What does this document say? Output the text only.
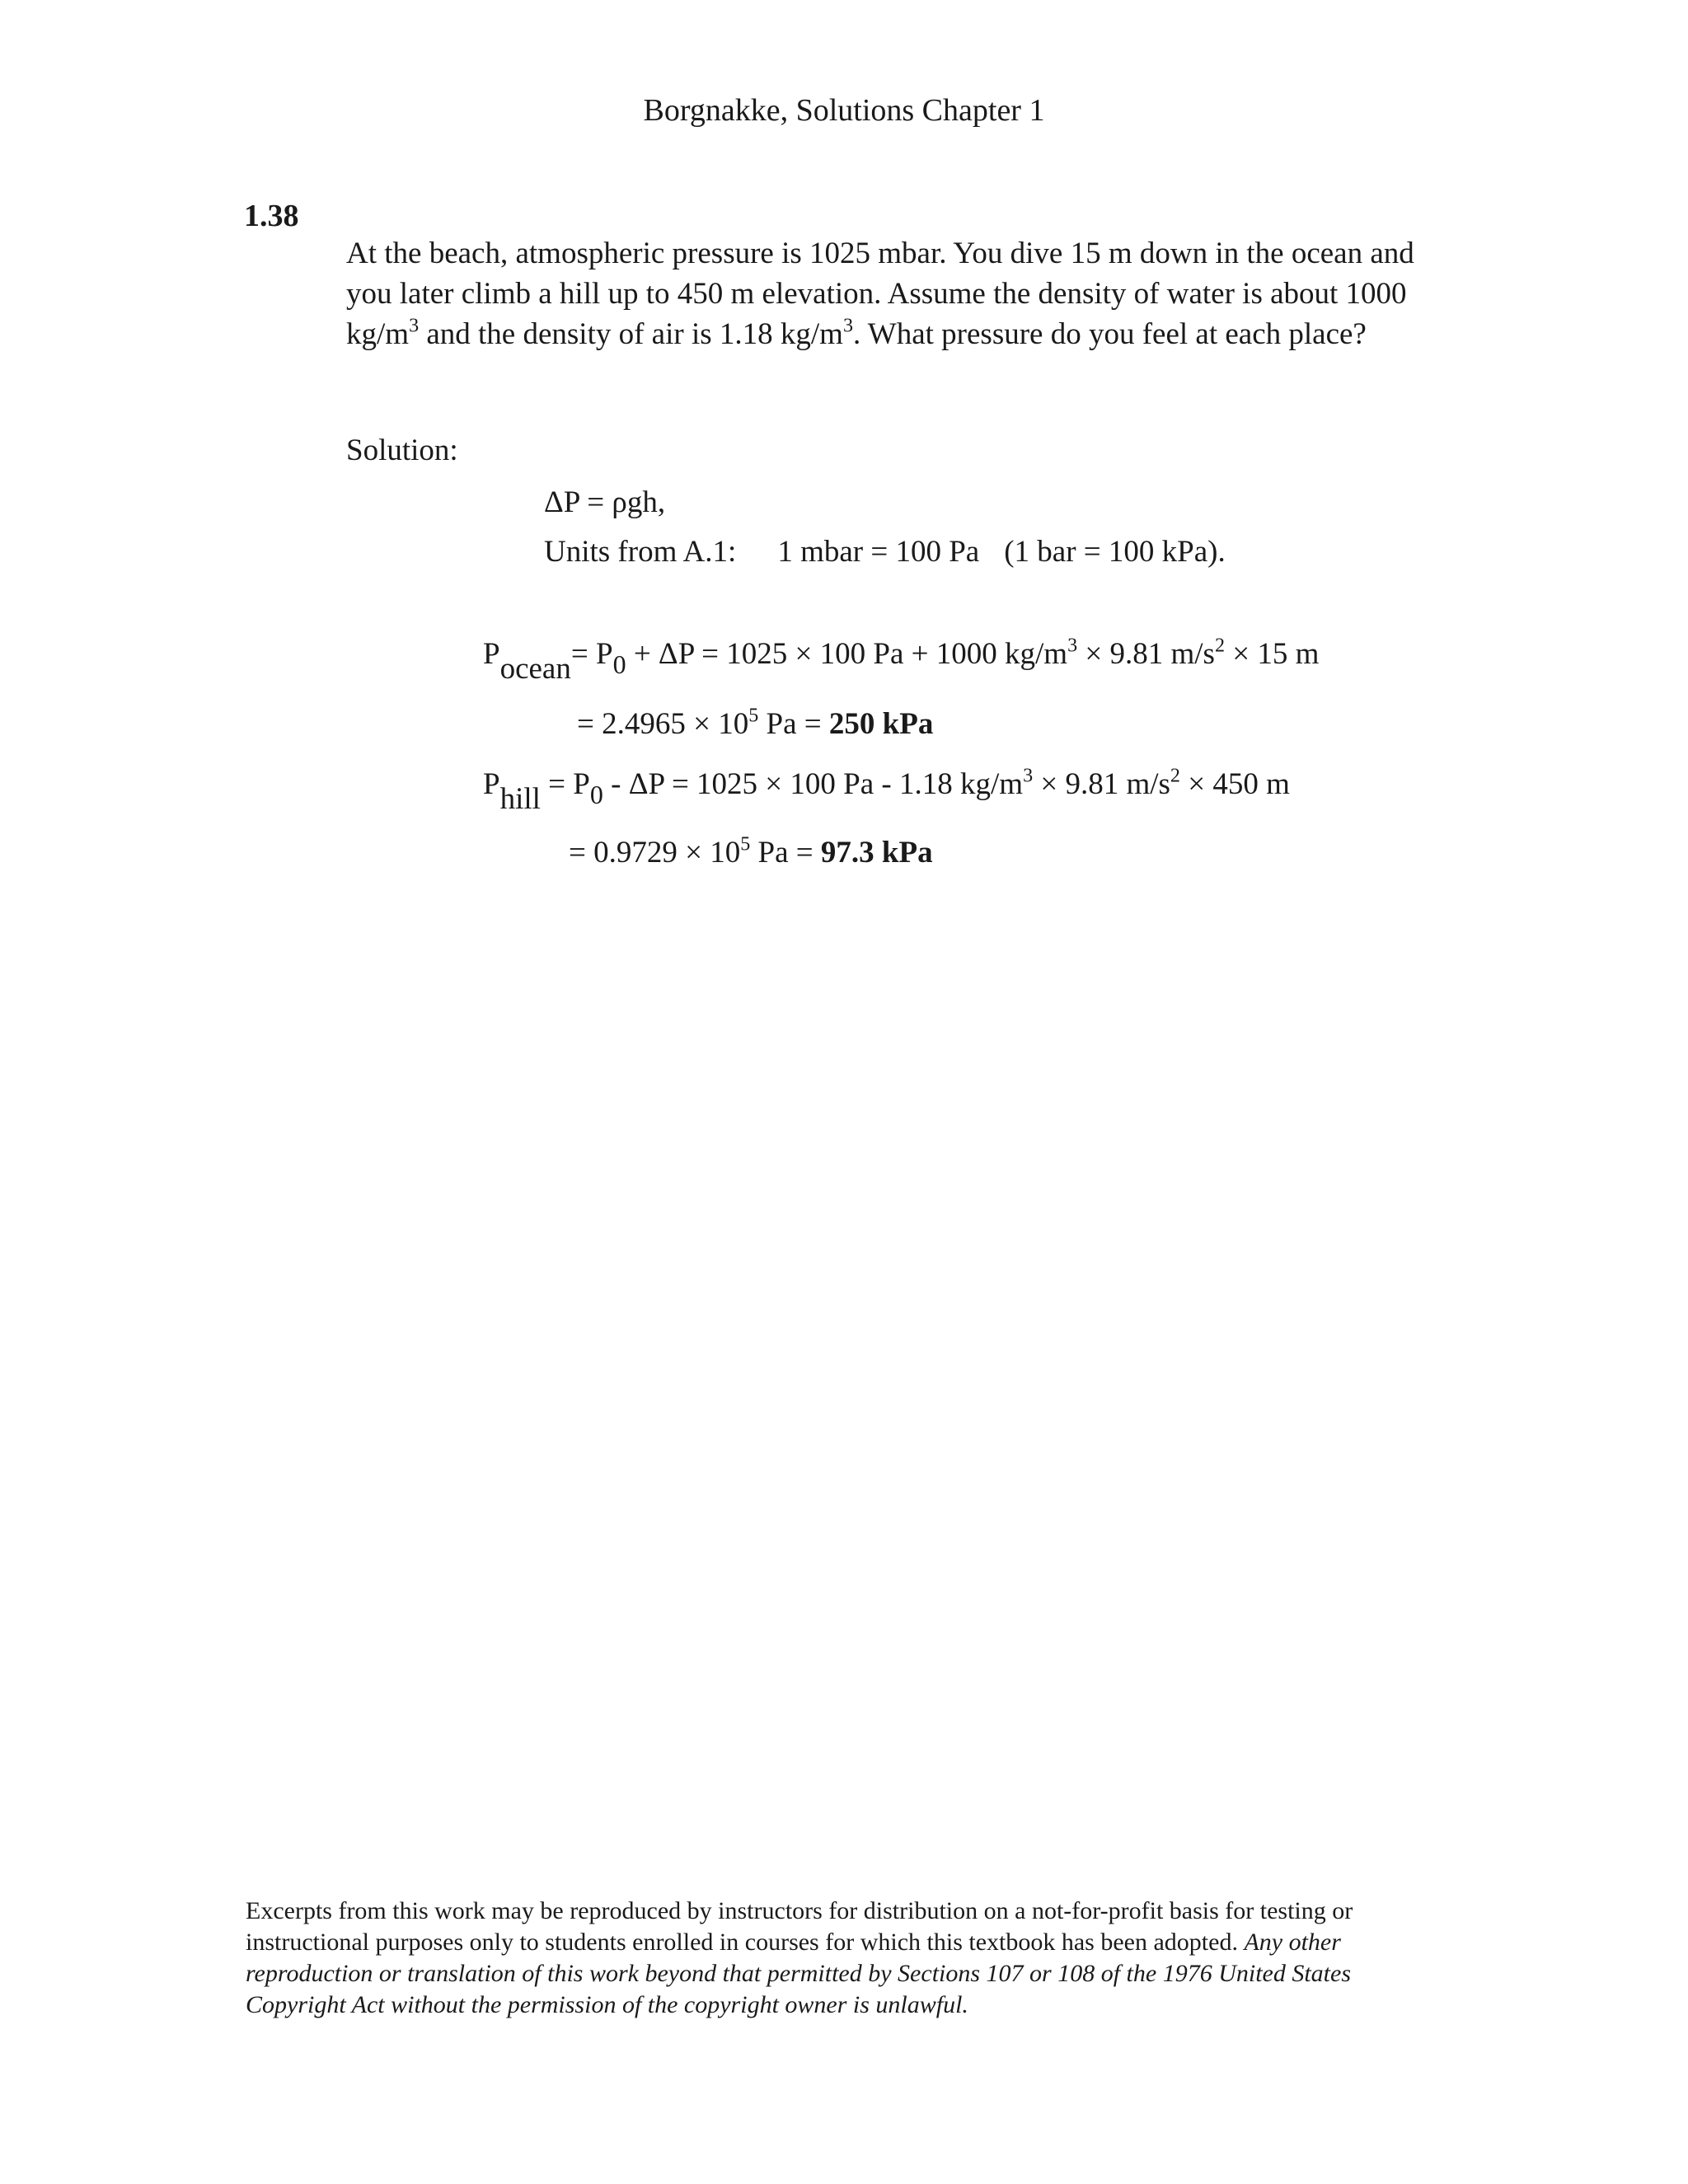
Borgnakke, Solutions Chapter 1
1.38
At the beach, atmospheric pressure is 1025 mbar. You dive 15 m down in the ocean and you later climb a hill up to 450 m elevation. Assume the density of water is about 1000 $kg/m^3$ and the density of air is 1.18 $kg/m^3$. What pressure do you feel at each place?
Solution:
ΔP = ρgh,
Units from A.1: 1 mbar = 100 Pa (1 bar = 100 kPa).
Pocean= P0 + ΔP = 1025 × 100 Pa + 1000 $kg/m^3 \times 9.81$ $m/s^2 \times 15$ m
= $2.4965 \times 10^5$ Pa = 250 kPa
Phill = P0 - ΔP = 1025 × 100 Pa - 1.18 $kg/m^3 \times 9.81$ $m/s^2 \times 450$ m
= $0.9729 \times 10^5$ Pa = 97.3 kPa
Excerpts from this work may be reproduced by instructors for distribution on a not-for-profit basis for testing or instructional purposes only to students enrolled in courses for which this textbook has been adopted. Any other reproduction or translation of this work beyond that permitted by Sections 107 or 108 of the 1976 United States Copyright Act without the permission of the copyright owner is unlawful.
